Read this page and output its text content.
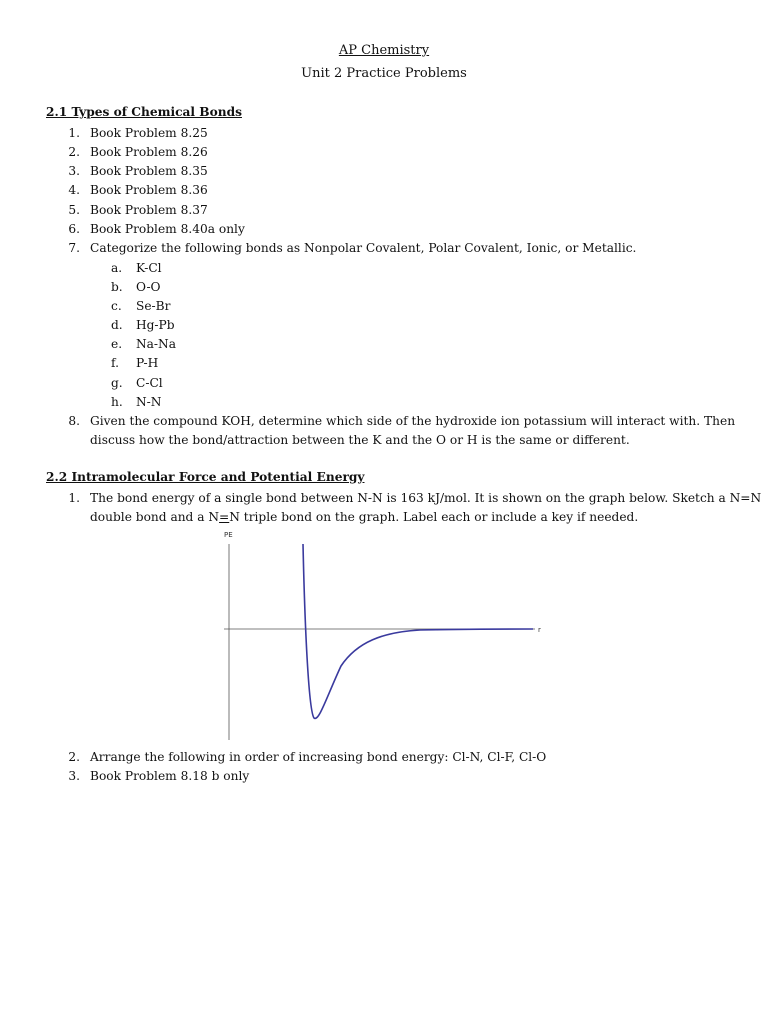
AP Chemistry
Unit 2 Practice Problems
2.1 Types of Chemical Bonds
1. Book Problem 8.25
2. Book Problem 8.26
3. Book Problem 8.35
4. Book Problem 8.36
5. Book Problem 8.37
6. Book Problem 8.40a only
7. Categorize the following bonds as Nonpolar Covalent, Polar Covalent, Ionic, or Metallic.
a. K-Cl
b. O-O
c. Se-Br
d. Hg-Pb
e. Na-Na
f. P-H
g. C-Cl
h. N-N
8. Given the compound KOH, determine which side of the hydroxide ion potassium will interact with. Then
discuss how the bond/attraction between the K and the O or H is the same or different.
2.2 Intramolecular Force and Potential Energy
1. The bond energy of a single bond between N-N is 163 kJ/mol. It is shown on the graph below. Sketch a N=N
double bond and a N=N triple bond on the graph. Label each or include a key if needed.
PE
r
2. Arrange the following in order of increasing bond energy: Cl-N, Cl-F, Cl-O
3. Book Problem 8.18 b only
